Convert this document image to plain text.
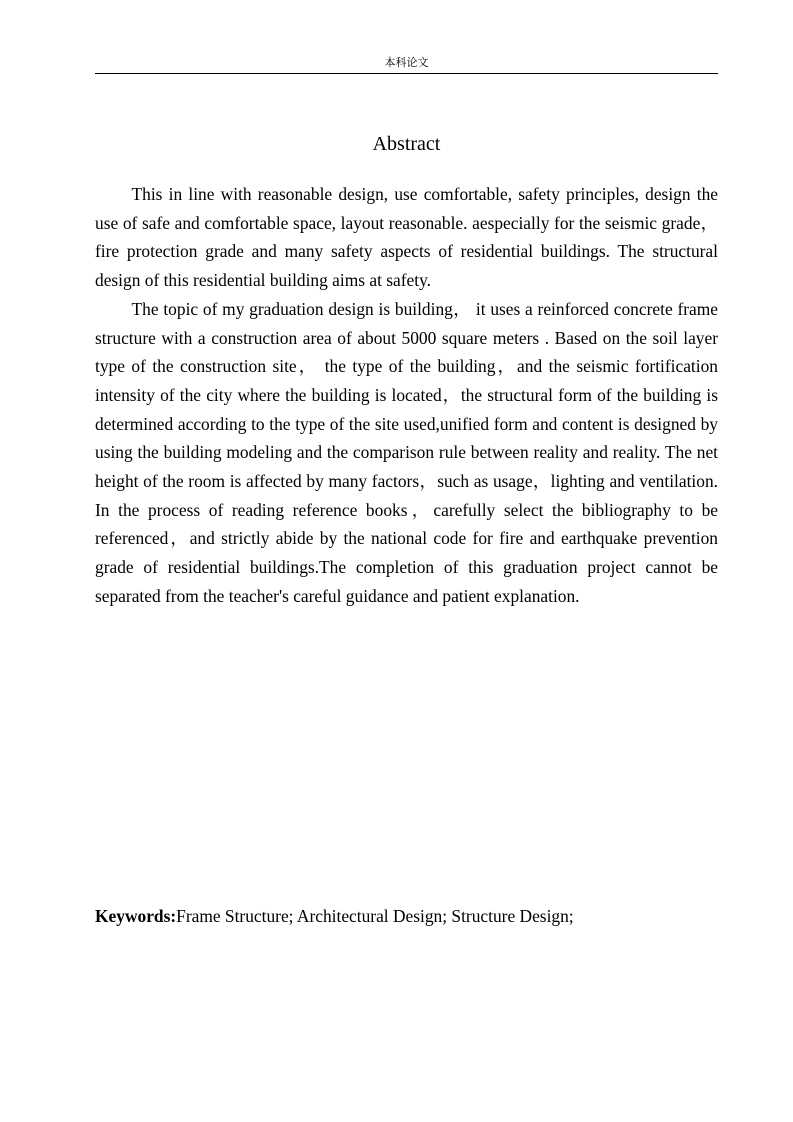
本科论文
Abstract

This in line with reasonable design, use comfortable, safety principles, design the use of safe and comfortable space, layout reasonable. aespecially for the seismic grade， fire protection grade and many safety aspects of residential buildings. The structural design of this residential building aims at safety.

The topic of my graduation design is building， it uses a reinforced concrete frame structure with a construction area of about 5000 square meters . Based on the soil layer type of the construction site， the type of the building，and the seismic fortification intensity of the city where the building is located，the structural form of the building is determined according to the type of the site used,unified form and content is designed by using the building modeling and the comparison rule between reality and reality. The net height of the room is affected by many factors，such as usage，lighting and ventilation. In the process of reading reference books，carefully select the bibliography to be referenced，and strictly abide by the national code for fire and earthquake prevention grade of residential buildings.The completion of this graduation project cannot be separated from the teacher's careful guidance and patient explanation.

Keywords:Frame Structure; Architectural Design; Structure Design;
